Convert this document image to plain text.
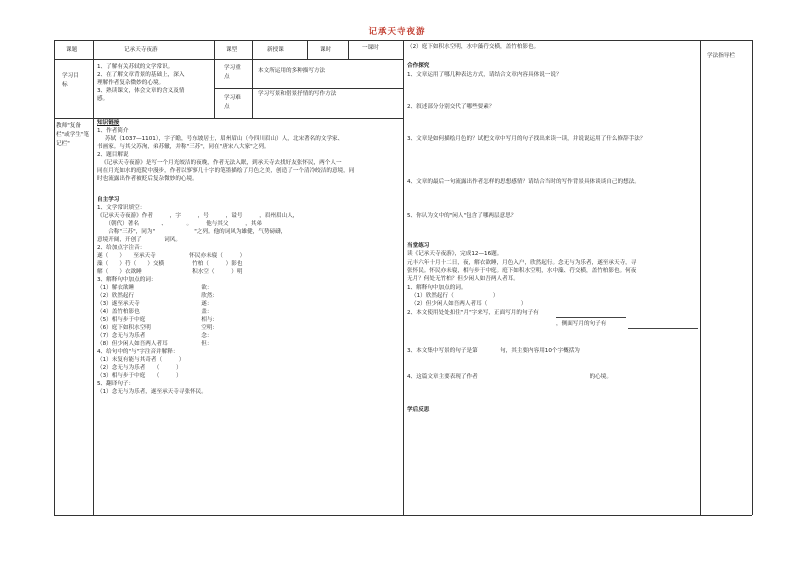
记承天寺夜游
课题	记承天寺夜游	课型	新授课	课时	一课时
学习目标
1、了解有关苏轼的文学常识。
2、在了解文章背景的基础上，深入
理解作者复杂微妙的心境。
3、熟读课文，体会文章的含义及情
感。
学习重点
本文所运用的多种描写方法
学习难点
学习写景和借景抒情的写作方法
教师"复备栏"或学生"笔记栏"
知识链接
1、作者简介
苏轼（1037—1101），字子瞻，号东坡居士，眉州眉山（今四川眉山）人，北宋著名的文学家、
书画家。与其父苏洵，弟苏辙，并称"三苏"，同在"唐宋八大家"之列。
2、题目解说
《记承天寺夜游》是写一个月光皎洁的夜晚，作者无法入眠，到承天寺去找好友张怀民，两个人一
同在月光如水的庭院中漫步，作者以寥寥几十字的笔墨描绘了月色之美，创造了一个清冷皎洁的意境，同
时也流露出作者被贬后复杂微妙的心境。
自主学习
1、文学常识填空：
《记承天寺夜游》作者　　　，字　　　，号　　　，谥号　　　，眉州眉山人，
　　（朝代）著名　　　　、　　　　。　　　他与其父　　　，其弟
　　合称"三苏"，同为"　　　　　　　"之列。他的词风为雄健，气势磅礴，
意境开阔，开创了　　　　词风。
2、给加点字注音：
遂（　　）　　至承天寺　　　　　　怀民亦未寝（　　　）
藻（　　）荇（　　）交横　　　　　竹柏（　　　）影也
解（　　）衣欲睡　　　　　　　　　积水空（　　　）明
3、解释句中加点的词：
（1）解衣欲睡　　　　　　　　　　　　欲：
（2）欣然起行　　　　　　　　　　　　欣然：
（3）遂至承天寺　　　　　　　　　　　遂：
（4）盖竹柏影也　　　　　　　　　　　盖：
（5）相与步于中庭　　　　　　　　　　相与：
（6）庭下如积水空明　　　　　　　　　空明：
（7）念无与为乐者　　　　　　　　　　念：
（8）但少闲人如吾两人者耳　　　　　　但：
4、给句中的"与"字注音并解释：
（1）未复有能与其奇者（　　　）
（2）念无与为乐者　　（　　　）
（3）相与步于中庭　　（　　　）
5、翻译句子：
（1）念无与为乐者，遂至承天寺寻张怀民。
（2）庭下如积水空明，水中藻荇交横，盖竹柏影也。
合作探究
1、文章运用了哪几种表达方式，请结合文章内容具体说一说？
2、叙述部分分别交代了哪些要素？
3、文章是如何描绘月色的？试把文章中写月的句子找出来读一读，并说说运用了什么修辞手法？
4、文章的最后一句流露出作者怎样的思想感情？请结合当时的写作背景具体谈谈自己的想法。
5、你认为文中的"闲人"包含了哪两层意思？
当堂练习
读《记承天寺夜游》，完成12—16题。
元丰六年十月十二日，夜，解衣欲睡，月色入户，欣然起行。念无与为乐者，遂至承天寺，寻
张怀民。怀民亦未寝，相与步于中庭。庭下如积水空明，水中藻、荇交横，盖竹柏影也。何夜
无月？何处无竹柏？但少闲人如吾两人者耳。
1、解释句中加点的词。
（1）欣然起行（　　　　　　　）
（2）但少闲人如吾两人者耳（　　　　　　）
2、本文使用处处扣住"月"字来写，正面写月的句子有
，侧面写月的句子有
3、本文集中写景的句子是第　　　　句，其主要内容用10个字概括为
4、这篇文章主要表现了作者　　　　　　　　　　　　　　　　　　　　的心境。
学后反思
学法指导栏
